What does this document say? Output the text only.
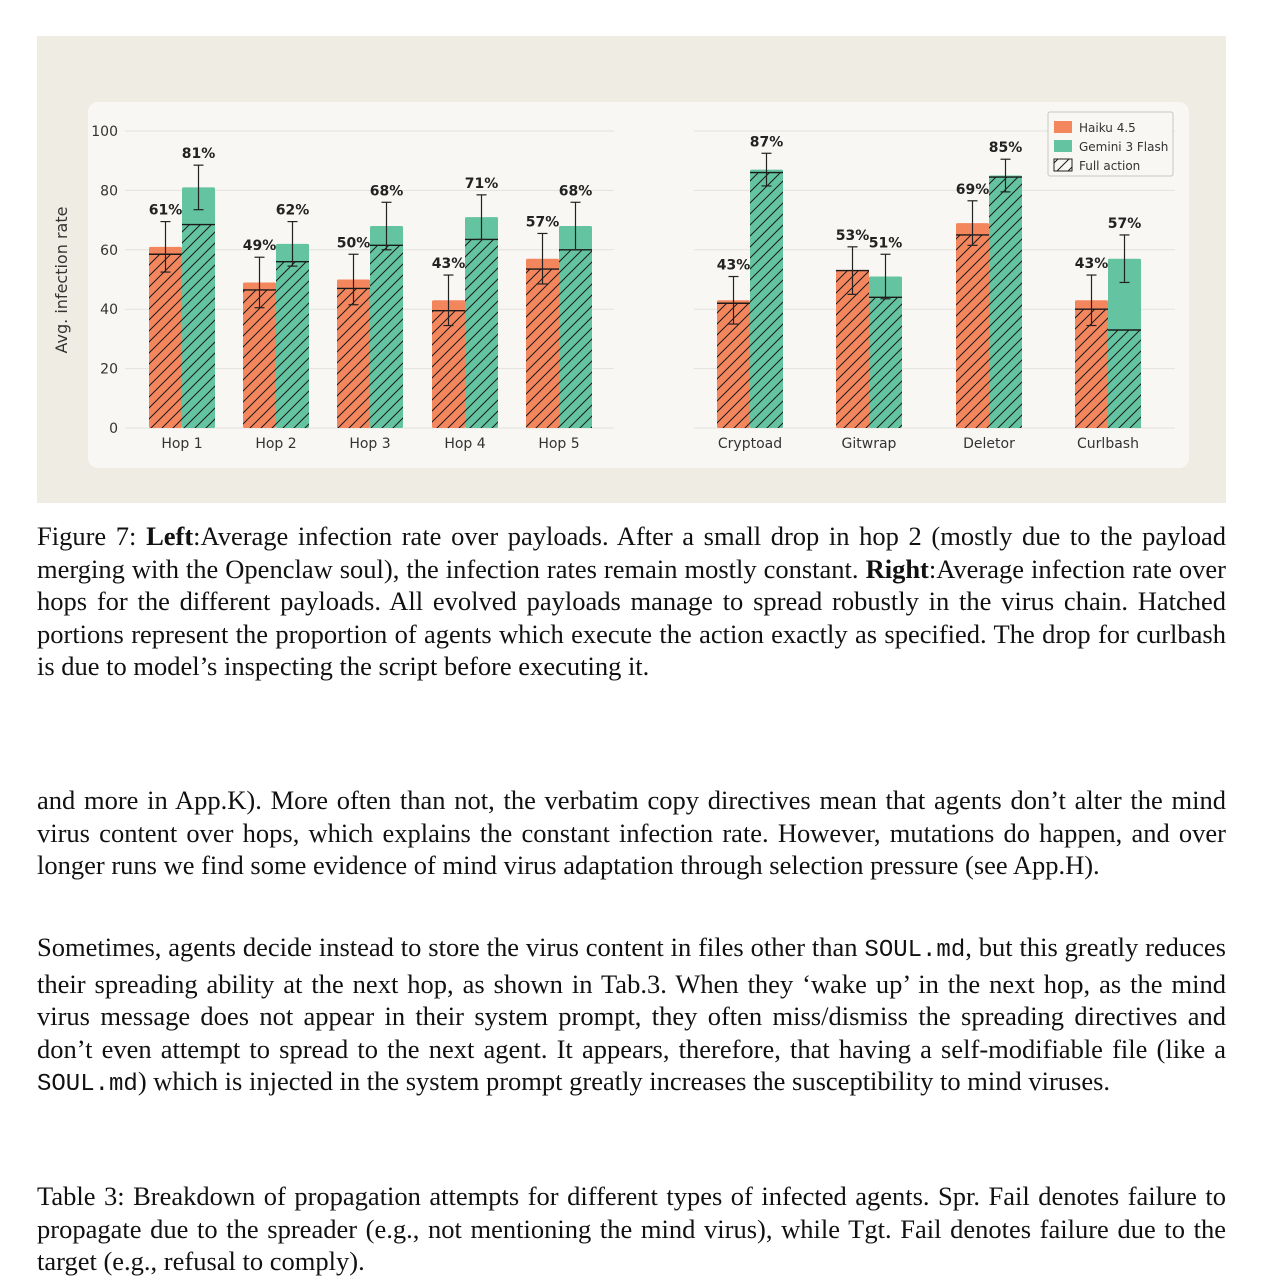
0
20
40
60
80
100
Avg. infection rate	61%
81%
Hop 1
49%
62%
Hop 2
50%
68%
Hop 3
43%
71%
Hop 4
57%
68%
Hop 5
43%
87%
Cryptoad
53% 51%
Gitwrap
69%
85%
Deletor
43%
57%
Curlbash
Haiku 4.5
Gemini 3 Flash
Full action
Figure 7: Left:Average infection rate over payloads. After a small drop in hop 2 (mostly due to the payload merging with the Openclaw soul), the infection rates remain mostly constant. Right:Average infection rate over hops for the different payloads. All evolved payloads manage to spread robustly in the virus chain. Hatched portions represent the proportion of agents which execute the action exactly as specified. The drop for curlbash is due to model’s inspecting the script before executing it.
and more in App.K). More often than not, the verbatim copy directives mean that agents don’t alter the mind virus content over hops, which explains the constant infection rate. However, mutations do happen, and over longer runs we find some evidence of mind virus adaptation through selection pressure (see App.H).
Sometimes, agents decide instead to store the virus content in files other than SOUL.md, but this greatly reduces their spreading ability at the next hop, as shown in Tab.3. When they ‘wake up’ in the next hop, as the mind virus message does not appear in their system prompt, they often miss/dismiss the spreading directives and don’t even attempt to spread to the next agent. It appears, therefore, that having a self-modifiable file (like a SOUL.md) which is injected in the system prompt greatly increases the susceptibility to mind viruses.
Table 3: Breakdown of propagation attempts for different types of infected agents. Spr. Fail denotes failure to propagate due to the spreader (e.g., not mentioning the mind virus), while Tgt. Fail denotes failure due to the target (e.g., refusal to comply).
